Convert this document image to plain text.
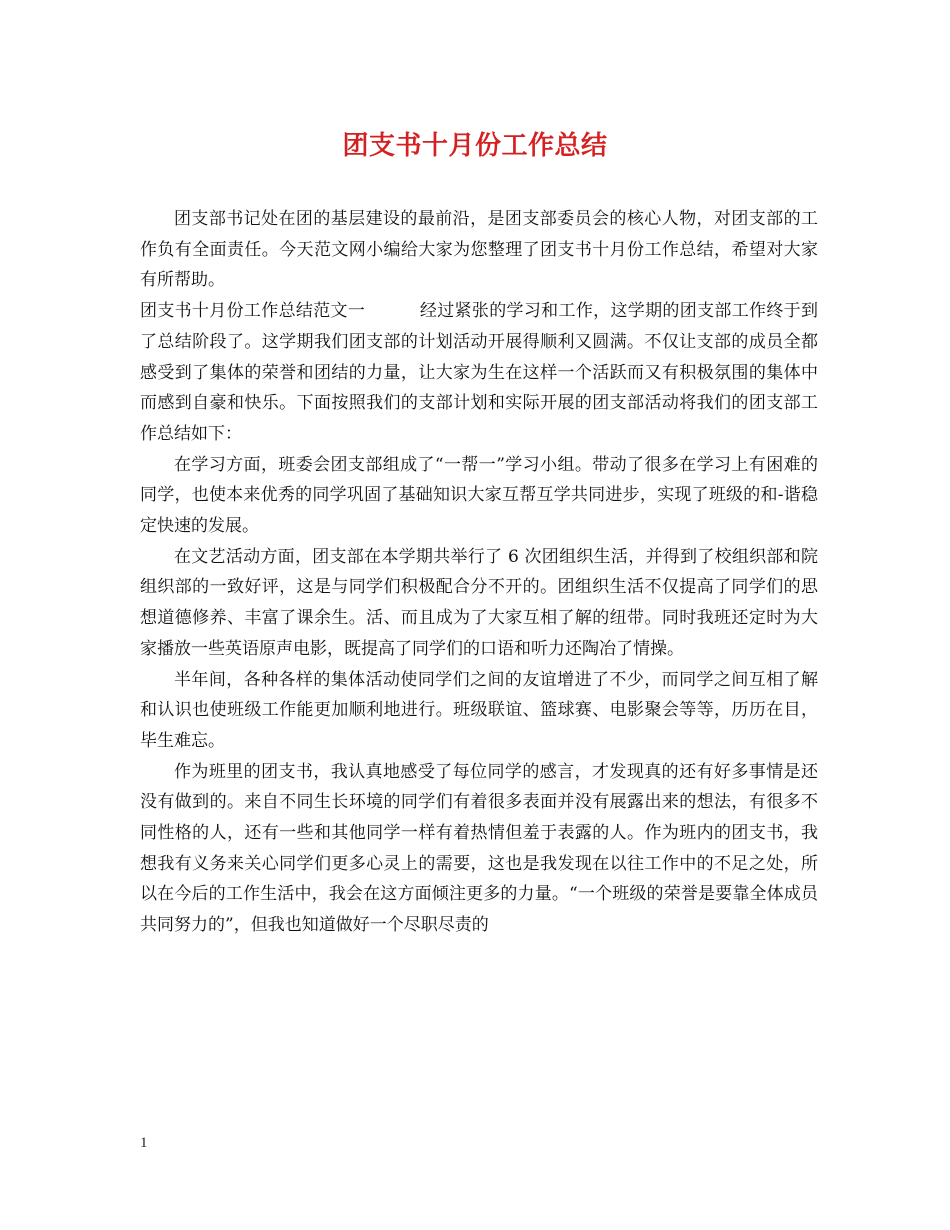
团支书十月份工作总结

团支部书记处在团的基层建设的最前沿，是团支部委员会的核心人物，对团支部的工作负有全面责任。今天范文网小编给大家为您整理了团支书十月份工作总结，希望对大家有所帮助。

团支书十月份工作总结范文一	经过紧张的学习和工作，这学期的团支部工作终于到了总结阶段了。这学期我们团支部的计划活动开展得顺利又圆满。不仅让支部的成员全都感受到了集体的荣誉和团结的力量，让大家为生在这样一个活跃而又有积极氛围的集体中而感到自豪和快乐。下面按照我们的支部计划和实际开展的团支部活动将我们的团支部工作总结如下：

在学习方面，班委会团支部组成了“一帮一”学习小组。带动了很多在学习上有困难的同学，也使本来优秀的同学巩固了基础知识大家互帮互学共同进步，实现了班级的和-谐稳定快速的发展。

在文艺活动方面，团支部在本学期共举行了 6 次团组织生活，并得到了校组织部和院组织部的一致好评，这是与同学们积极配合分不开的。团组织生活不仅提高了同学们的思想道德修养、丰富了课余生。活、而且成为了大家互相了解的纽带。同时我班还定时为大家播放一些英语原声电影，既提高了同学们的口语和听力还陶冶了情操。

半年间，各种各样的集体活动使同学们之间的友谊增进了不少，而同学之间互相了解和认识也使班级工作能更加顺利地进行。班级联谊、篮球赛、电影聚会等等，历历在目，毕生难忘。

作为班里的团支书，我认真地感受了每位同学的感言，才发现真的还有好多事情是还没有做到的。来自不同生长环境的同学们有着很多表面并没有展露出来的想法，有很多不同性格的人，还有一些和其他同学一样有着热情但羞于表露的人。作为班内的团支书，我想我有义务来关心同学们更多心灵上的需要，这也是我发现在以往工作中的不足之处，所以在今后的工作生活中，我会在这方面倾注更多的力量。“一个班级的荣誉是要靠全体成员共同努力的”，但我也知道做好一个尽职尽责的

1
